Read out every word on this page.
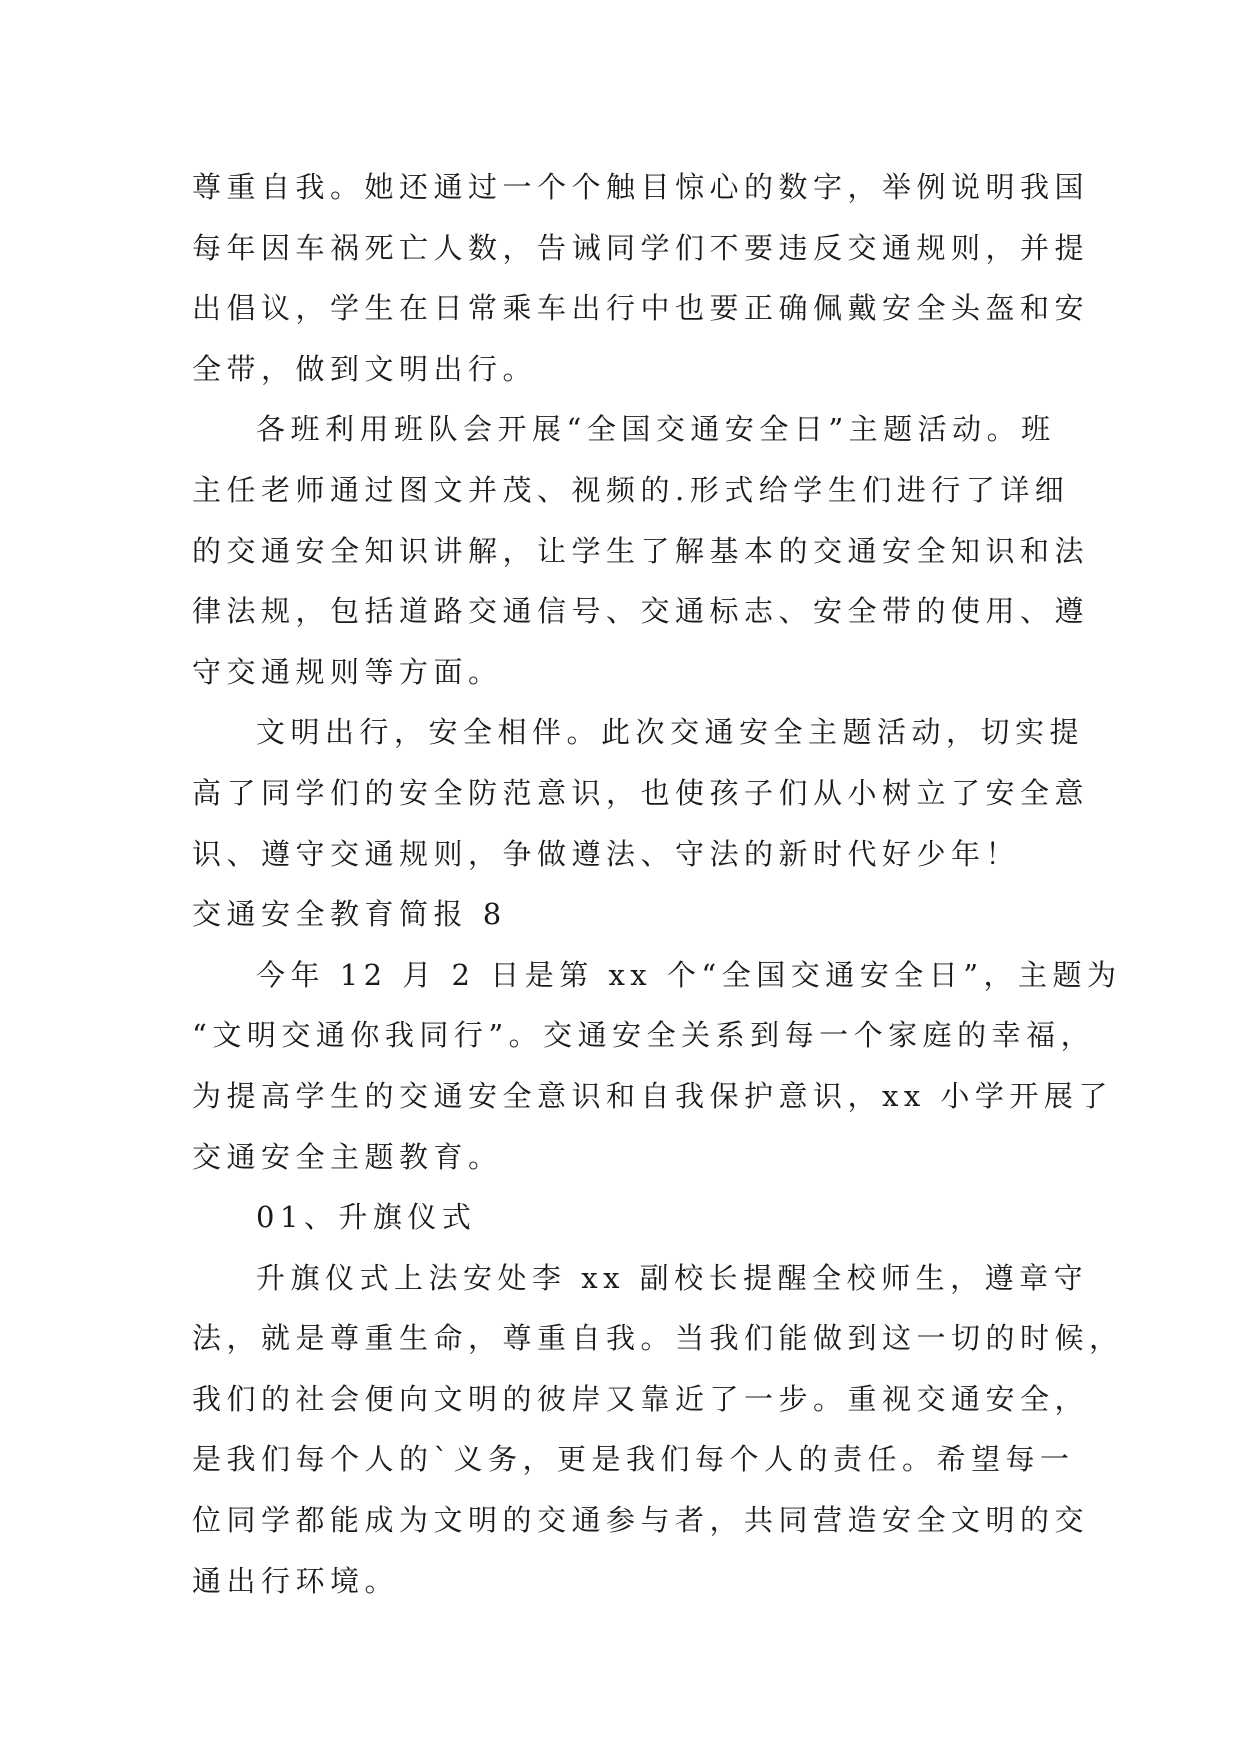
尊重自我。她还通过一个个触目惊心的数字，举例说明我国
每年因车祸死亡人数，告诫同学们不要违反交通规则，并提
出倡议，学生在日常乘车出行中也要正确佩戴安全头盔和安
全带，做到文明出行。
各班利用班队会开展“全国交通安全日”主题活动。班
主任老师通过图文并茂、视频的.形式给学生们进行了详细
的交通安全知识讲解，让学生了解基本的交通安全知识和法
律法规，包括道路交通信号、交通标志、安全带的使用、遵
守交通规则等方面。
文明出行，安全相伴。此次交通安全主题活动，切实提
高了同学们的安全防范意识，也使孩子们从小树立了安全意
识、遵守交通规则，争做遵法、守法的新时代好少年！
交通安全教育简报 8
今年 12 月 2 日是第 xx 个“全国交通安全日”，主题为
“文明交通你我同行”。交通安全关系到每一个家庭的幸福，
为提高学生的交通安全意识和自我保护意识，xx 小学开展了
交通安全主题教育。
01、升旗仪式
升旗仪式上法安处李 xx 副校长提醒全校师生，遵章守
法，就是尊重生命，尊重自我。当我们能做到这一切的时候，
我们的社会便向文明的彼岸又靠近了一步。重视交通安全，
是我们每个人的`义务，更是我们每个人的责任。希望每一
位同学都能成为文明的交通参与者，共同营造安全文明的交
通出行环境。
